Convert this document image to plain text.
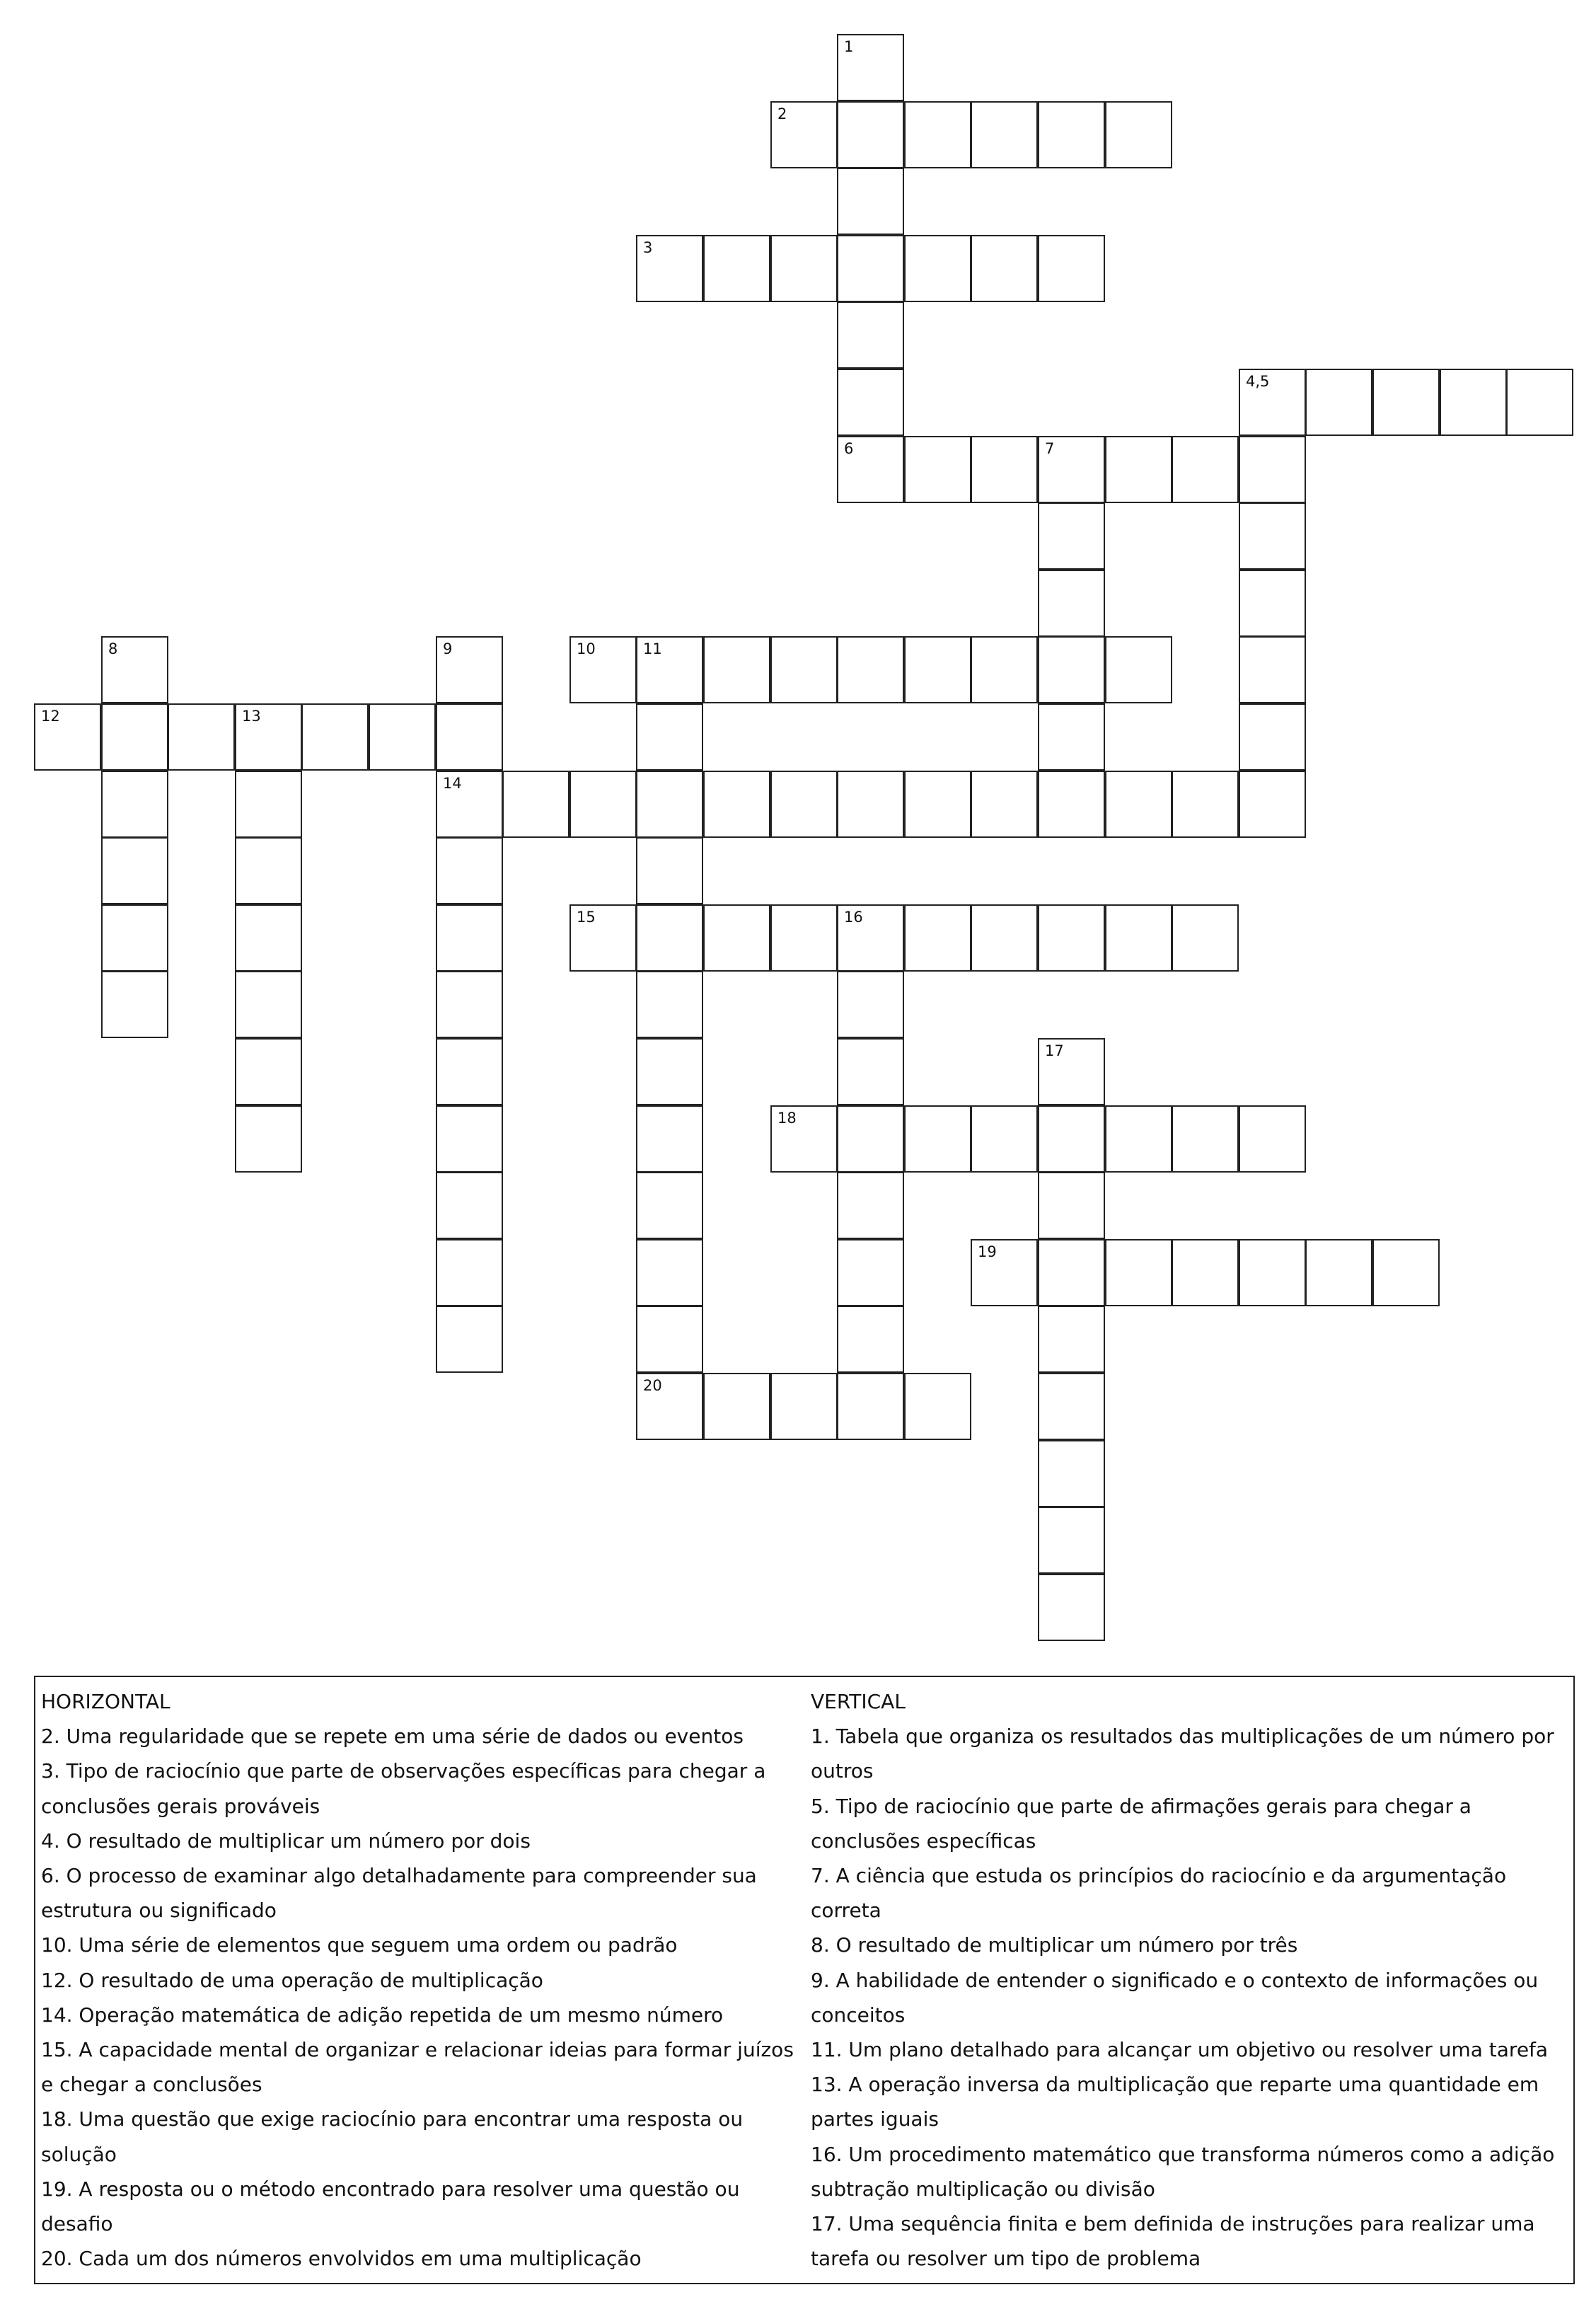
1
6
2
3
4,5
7
8	9
14
10	11
12	13
15	16
17
18
19
20
HORIZONTAL
2. Uma regularidade que se repete em uma série de dados ou eventos
3. Tipo de raciocínio que parte de observações específicas para chegar a conclusões gerais prováveis
4. O resultado de multiplicar um número por dois
6. O processo de examinar algo detalhadamente para compreender sua estrutura ou significado
10. Uma série de elementos que seguem uma ordem ou padrão
12. O resultado de uma operação de multiplicação
14. Operação matemática de adição repetida de um mesmo número
15. A capacidade mental de organizar e relacionar ideias para formar juízos e chegar a conclusões
18. Uma questão que exige raciocínio para encontrar uma resposta ou solução
19. A resposta ou o método encontrado para resolver uma questão ou desafio
20. Cada um dos números envolvidos em uma multiplicação
VERTICAL
1. Tabela que organiza os resultados das multiplicações de um número por outros
5. Tipo de raciocínio que parte de afirmações gerais para chegar a conclusões específicas
7. A ciência que estuda os princípios do raciocínio e da argumentação correta
8. O resultado de multiplicar um número por três
9. A habilidade de entender o significado e o contexto de informações ou conceitos
11. Um plano detalhado para alcançar um objetivo ou resolver uma tarefa
13. A operação inversa da multiplicação que reparte uma quantidade em partes iguais
16. Um procedimento matemático que transforma números como a adição subtração multiplicação ou divisão
17. Uma sequência finita e bem definida de instruções para realizar uma tarefa ou resolver um tipo de problema
